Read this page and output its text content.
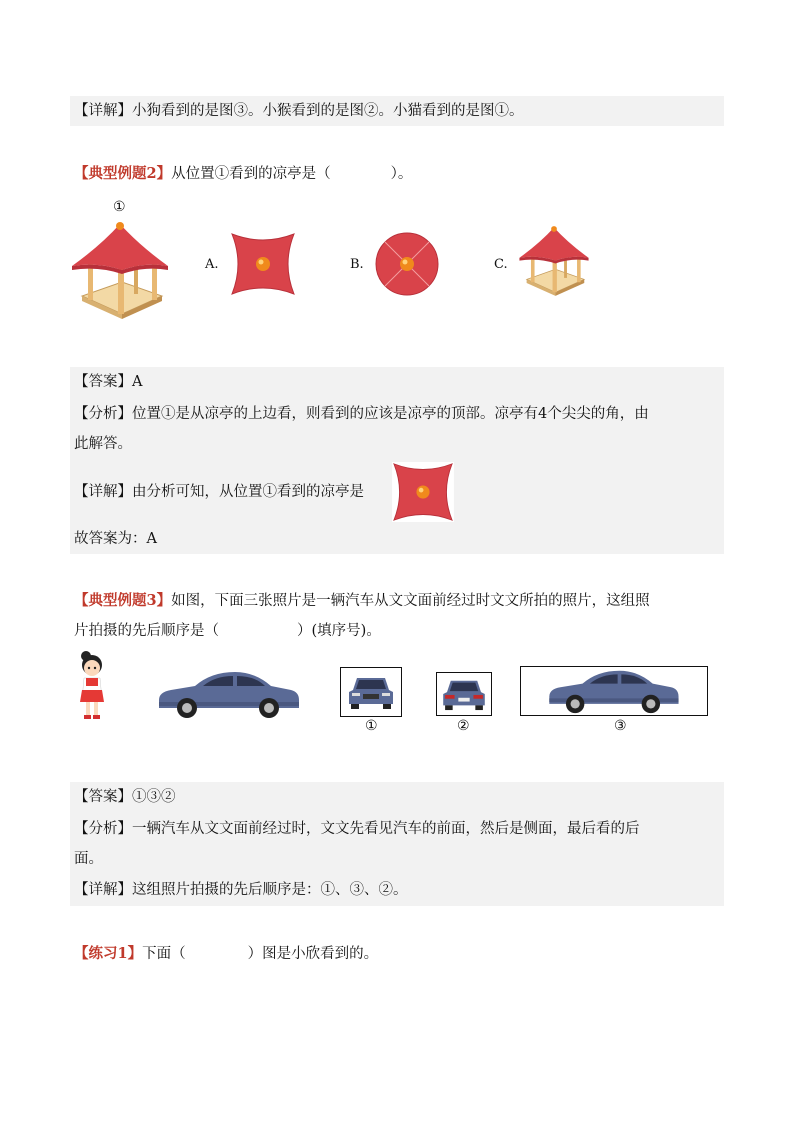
【详解】小狗看到的是图③。小猴看到的是图②。小猫看到的是图①。
【典型例题2】从位置①看到的凉亭是（	）。
①
A.	B.	C.
【答案】A
【分析】位置①是从凉亭的上边看，则看到的应该是凉亭的顶部。凉亭有4个尖尖的角，由
此解答。
【详解】由分析可知，从位置①看到的凉亭是
故答案为：A
【典型例题3】如图，下面三张照片是一辆汽车从文文面前经过时文文所拍的照片，这组照
片拍摄的先后顺序是（	）(填序号)。
①	②	③
【答案】①③②
【分析】一辆汽车从文文面前经过时，文文先看见汽车的前面，然后是侧面，最后看的后
面。
【详解】这组照片拍摄的先后顺序是：①、③、②。
【练习1】下面（	）图是小欣看到的。
